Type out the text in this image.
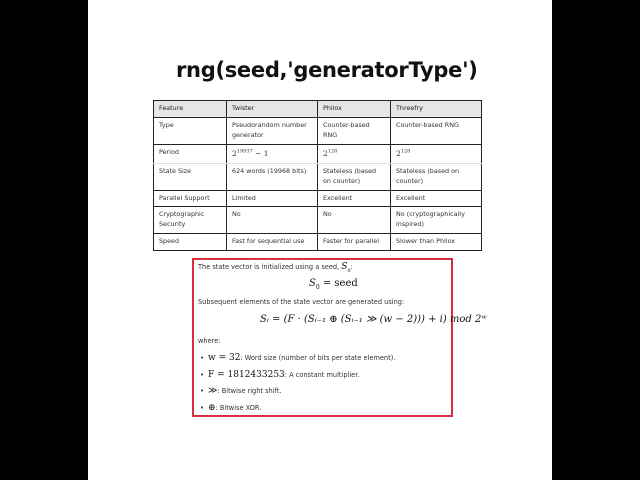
rng(seed,'generatorType')
Feature	Twister	Philox	Threefry
Type	Pseudorandom number generator	Counter-based RNG	Counter-based RNG
Period	$2^{19937} - 1$	$2^{128}$	$2^{128}$
State Size	624 words (19968 bits)	Stateless (based on counter)	Stateless (based on counter)
Parallel Support	Limited	Excellent	Excellent
Cryptographic Security	No	No	No (cryptographically inspired)
Speed	Fast for sequential use	Faster for parallel	Slower than Philox

The state vector is initialized using a seed, $S_0$:

$S_0$ = seed

Subsequent elements of the state vector are generated using:

Sᵢ = (F · (Sᵢ₋₁ ⊕ (Sᵢ₋₁ ≫ (w − 2))) + i) mod 2ʷ

where:

• w = 32: Word size (number of bits per state element).
• F = 1812433253: A constant multiplier.
• ≫: Bitwise right shift.
• ⊕: Bitwise XOR.
